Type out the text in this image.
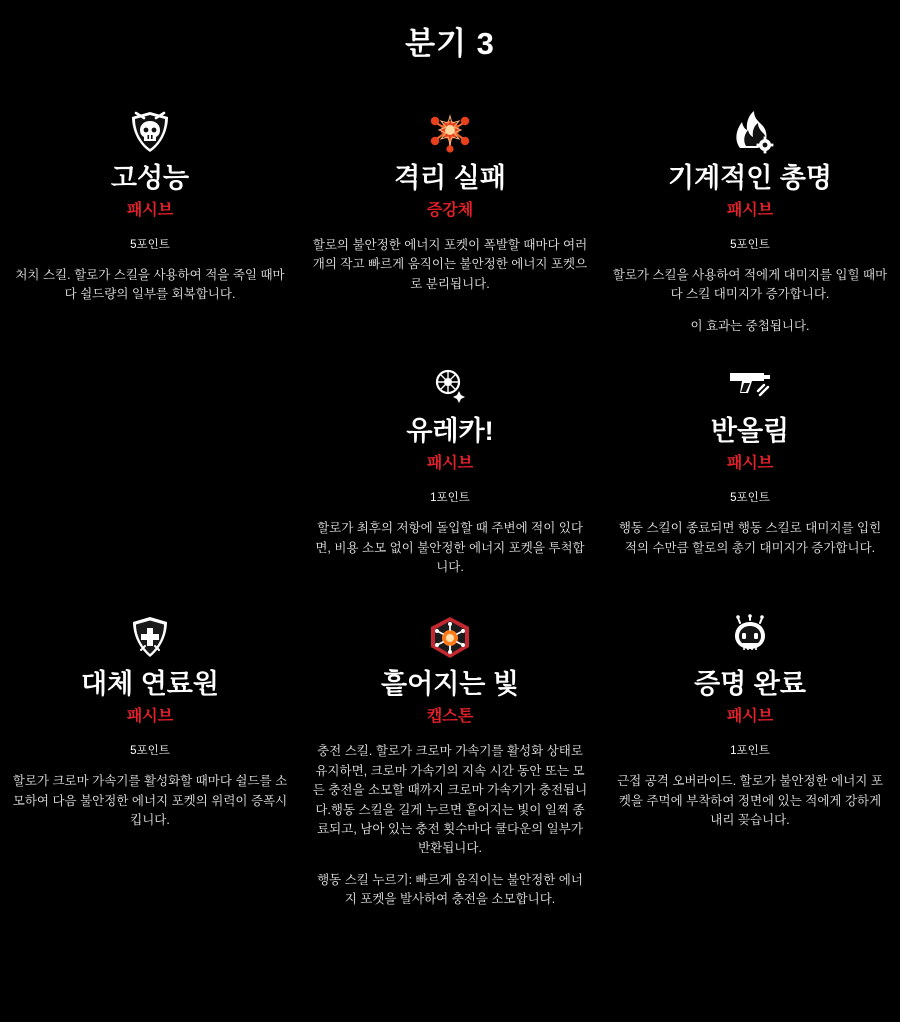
분기 3
고성능
패시브
5포인트

처치 스킬. 할로가 스킬을 사용하여 적을 죽일 때마다 쉴드량의 일부를 회복합니다.

격리 실패
증강체

할로의 불안정한 에너지 포켓이 폭발할 때마다 여러 개의 작고 빠르게 움직이는 불안정한 에너지 포켓으로 분리됩니다.

기계적인 총명
패시브
5포인트

할로가 스킬을 사용하여 적에게 대미지를 입힐 때마다 스킬 대미지가 증가합니다.

이 효과는 중첩됩니다.

유레카!
패시브
1포인트

할로가 최후의 저항에 돌입할 때 주변에 적이 있다면, 비용 소모 없이 불안정한 에너지 포켓을 투척합니다.

반올림
패시브
5포인트

행동 스킬이 종료되면 행동 스킬로 대미지를 입힌 적의 수만큼 할로의 총기 대미지가 증가합니다.

대체 연료원
패시브
5포인트

할로가 크로마 가속기를 활성화할 때마다 쉴드를 소모하여 다음 불안정한 에너지 포켓의 위력이 증폭시킵니다.

흩어지는 빛
캡스톤

충전 스킬. 할로가 크로마 가속기를 활성화 상태로 유지하면, 크로마 가속기의 지속 시간 동안 또는 모든 충전을 소모할 때까지 크로마 가속기가 충전됩니다.행동 스킬을 길게 누르면 흩어지는 빛이 일찍 종료되고, 남아 있는 충전 횟수마다 쿨다운의 일부가 반환됩니다.

행동 스킬 누르기: 빠르게 움직이는 불안정한 에너지 포켓을 발사하여 충전을 소모합니다.

증명 완료
패시브
1포인트

근접 공격 오버라이드. 할로가 불안정한 에너지 포켓을 주먹에 부착하여 정면에 있는 적에게 강하게 내리 꽂습니다.
